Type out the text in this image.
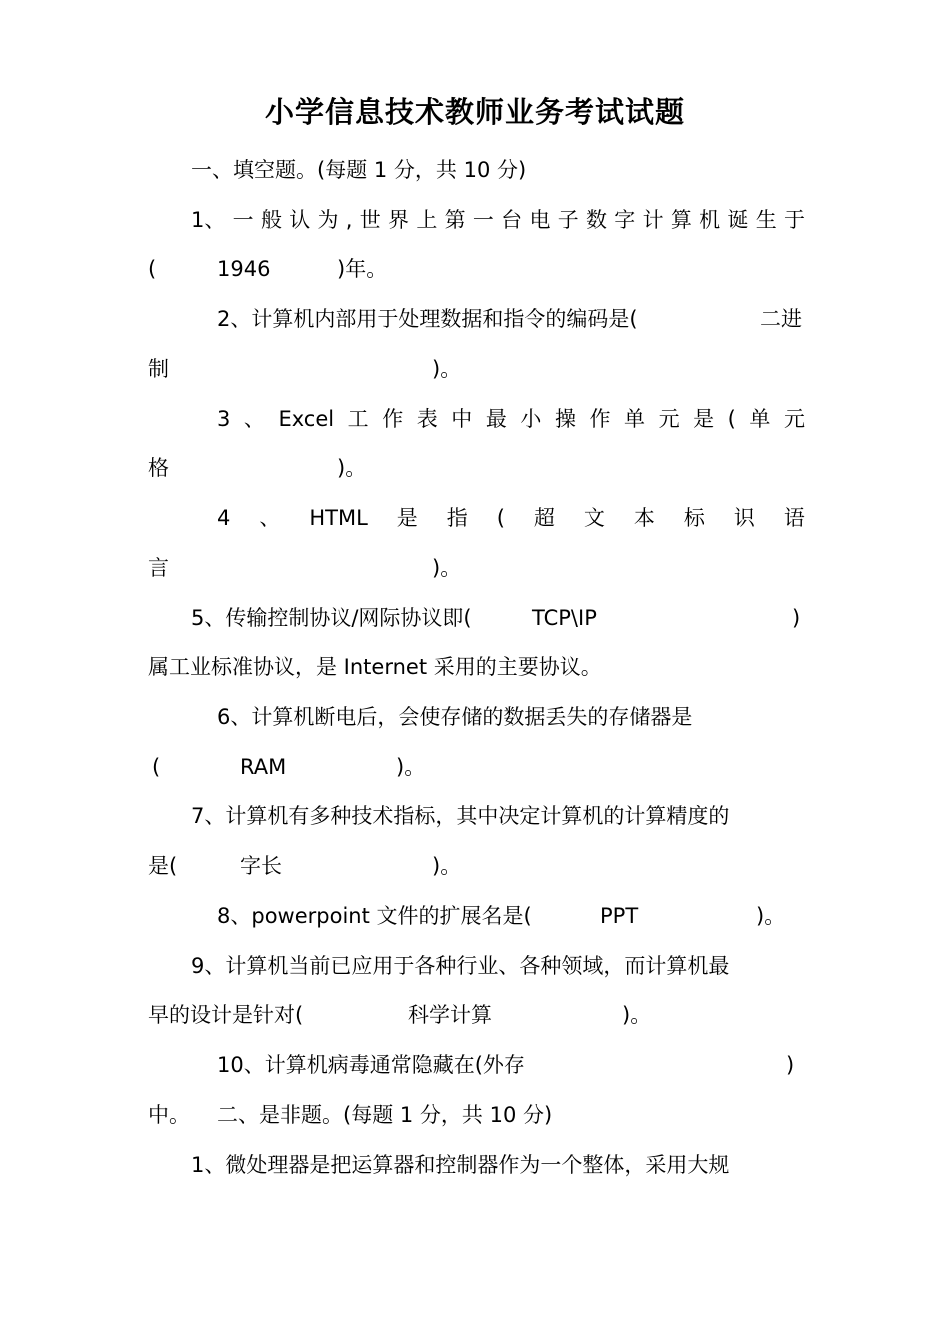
小学信息技术教师业务考试试题
一、填空题。(每题 1 分，共 10 分)
1、 一 般 认 为 , 世 界 上 第 一 台 电 子 数 字 计 算 机 诞 生 于
(	1946	)年。
2、计算机内部用于处理数据和指令的编码是(	二进
制	)。
3 、 Excel 工 作 表 中 最 小 操 作 单 元 是 ( 单 元
格	)。
4 、 HTML 是 指 ( 超 文 本 标 识 语
言	)。
5、传输控制协议/网际协议即(	TCP\IP	)
属工业标准协议，是 Internet 采用的主要协议。
6、计算机断电后，会使存储的数据丢失的存储器是
(	RAM	)。
7、计算机有多种技术指标，其中决定计算机的计算精度的
是(	字长	)。
8、powerpoint 文件的扩展名是(	PPT	)。
9、计算机当前已应用于各种行业、各种领域，而计算机最
早的设计是针对(	科学计算	)。
10、计算机病毒通常隐藏在(外存	)
中。 二、是非题。(每题 1 分，共 10 分)
1、微处理器是把运算器和控制器作为一个整体，采用大规
